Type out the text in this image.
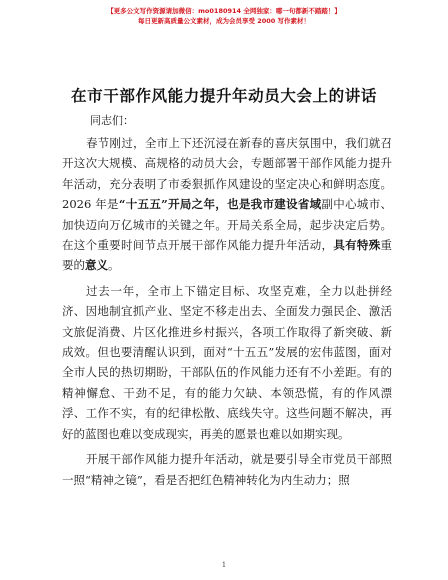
【更多公文写作资源请加微信：mo0180914 全网独家：哪一句都新不踏踏！】
每日更新高质量公文素材，成为会员享受 2000 写作素材！
在市干部作风能力提升年动员大会上的讲话
同志们：

春节刚过，全市上下还沉浸在新春的喜庆氛围中，我们就召开这次大规模、高规格的动员大会，专题部署干部作风能力提升年活动，充分表明了市委狠抓作风建设的坚定决心和鲜明态度。2026 年是“十五五”开局之年，也是我市建设省域副中心城市、加快迈向万亿城市的关键之年。开局关系全局，起步决定后势。在这个重要时间节点开展干部作风能力提升年活动，具有特殊重要的意义。

过去一年，全市上下锚定目标、攻坚克难，全力以赴拼经济、因地制宜抓产业、坚定不移走出去、全面发力强民企、激活文旅促消费、片区化推进乡村振兴，各项工作取得了新突破、新成效。但也要清醒认识到，面对“十五五”发展的宏伟蓝图，面对全市人民的热切期盼，干部队伍的作风能力还有不小差距。有的精神懈怠、干劲不足，有的能力欠缺、本领恐慌，有的作风漂浮、工作不实，有的纪律松散、底线失守。这些问题不解决，再好的蓝图也难以变成现实，再美的愿景也难以如期实现。

开展干部作风能力提升年活动，就是要引导全市党员干部照一照“精神之镜”，看是否把红色精神转化为内生动力；照

1
